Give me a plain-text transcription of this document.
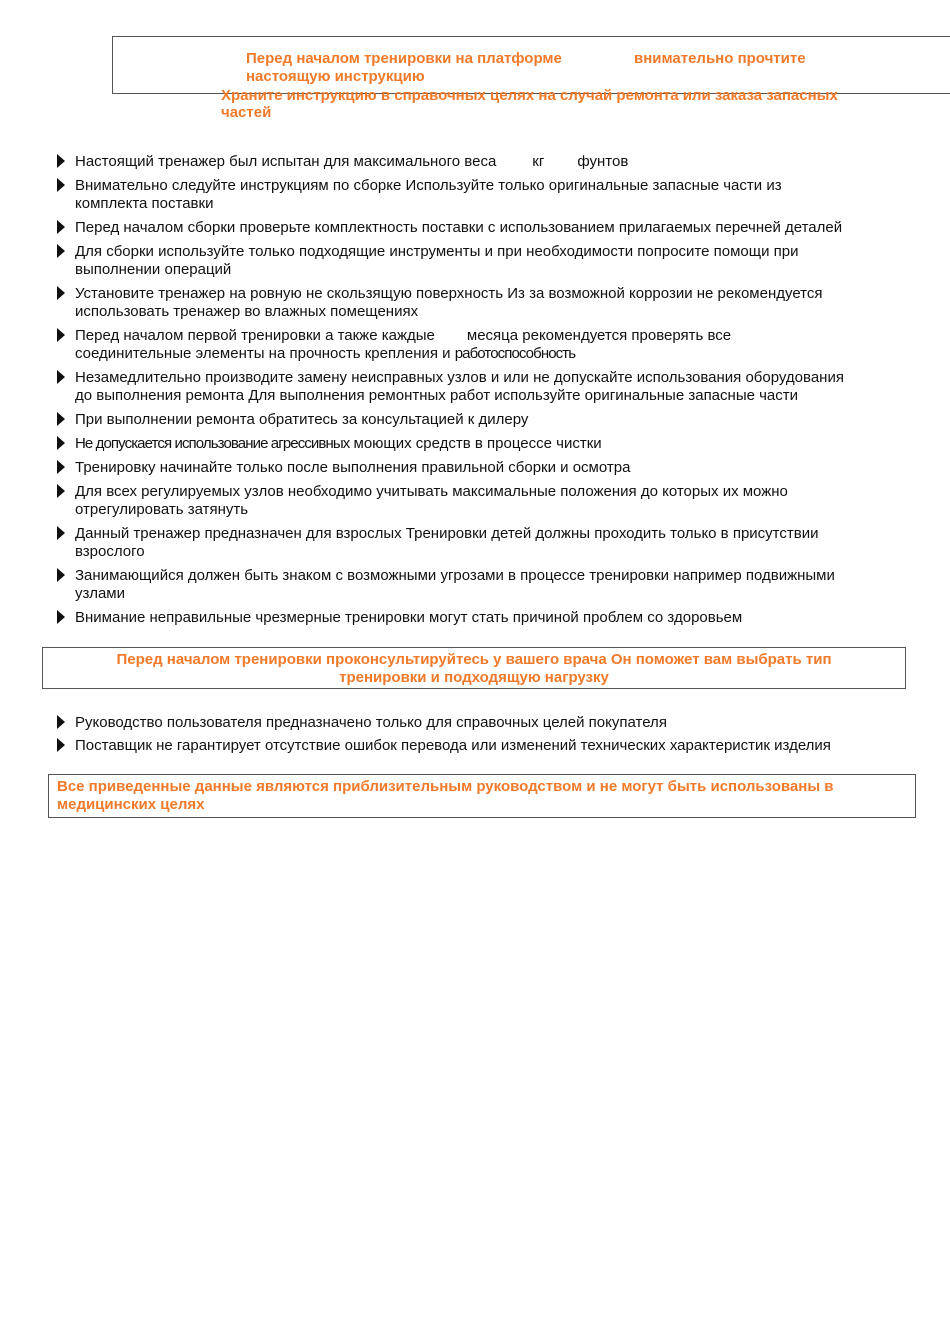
Перед началом тренировки на платформе	внимательно прочтите
настоящую инструкцию
Храните инструкцию в справочных целях на случай ремонта или заказа запасных
частей
Настоящий тренажер был испытан для максимального веса кг фунтов
Внимательно следуйте инструкциям по сборке Используйте только оригинальные запасные части из
комплекта поставки
Перед началом сборки проверьте комплектность поставки с использованием прилагаемых перечней деталей
Для сборки используйте только подходящие инструменты и при необходимости попросите помощи при
выполнении операций
Установите тренажер на ровную не скользящую поверхность Из за возможной коррозии не рекомендуется
использовать тренажер во влажных помещениях
Перед началом первой тренировки а также каждые месяца рекомендуется проверять все
соединительные элементы на прочность крепления и работоспособность
Незамедлительно производите замену неисправных узлов и или не допускайте использования оборудования
до выполнения ремонта Для выполнения ремонтных работ используйте оригинальные запасные части
При выполнении ремонта обратитесь за консультацией к дилеру
Не допускается использование агрессивных моющих средств в процессе чистки
Тренировку начинайте только после выполнения правильной сборки и осмотра
Для всех регулируемых узлов необходимо учитывать максимальные положения до которых их можно
отрегулировать затянуть
Данный тренажер предназначен для взрослых Тренировки детей должны проходить только в присутствии
взрослого
Занимающийся должен быть знаком с возможными угрозами в процессе тренировки например подвижными
узлами
Внимание неправильные чрезмерные тренировки могут стать причиной проблем со здоровьем
Перед началом тренировки проконсультируйтесь у вашего врача Он поможет вам выбрать тип
тренировки и подходящую нагрузку
Руководство пользователя предназначено только для справочных целей покупателя
Поставщик не гарантирует отсутствие ошибок перевода или изменений технических характеристик изделия
Все приведенные данные являются приблизительным руководством и не могут быть использованы в
медицинских целях
